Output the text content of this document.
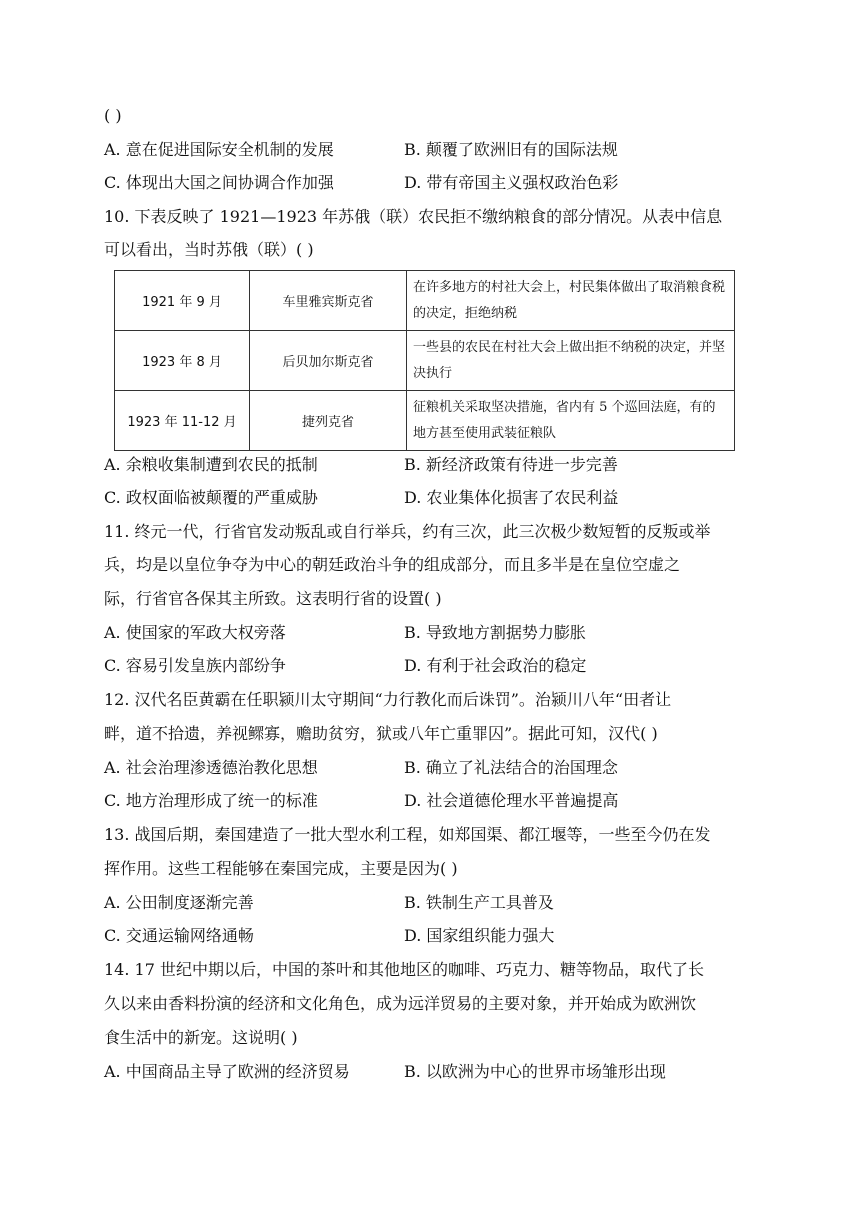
( )
A. 意在促进国际安全机制的发展	B. 颠覆了欧洲旧有的国际法规
C. 体现出大国之间协调合作加强	D. 带有帝国主义强权政治色彩
10. 下表反映了 1921—1923 年苏俄（联）农民拒不缴纳粮食的部分情况。从表中信息
可以看出，当时苏俄（联）( )
1921 年 9 月	车里雅宾斯克省	在许多地方的村社大会上，村民集体做出了取消粮食税的决定，拒绝纳税
1923 年 8 月	后贝加尔斯克省	一些县的农民在村社大会上做出拒不纳税的决定，并坚决执行
1923 年 11-12 月	捷列克省	征粮机关采取坚决措施，省内有 5 个巡回法庭，有的地方甚至使用武装征粮队
A. 余粮收集制遭到农民的抵制	B. 新经济政策有待进一步完善
C. 政权面临被颠覆的严重威胁	D. 农业集体化损害了农民利益
11. 终元一代，行省官发动叛乱或自行举兵，约有三次，此三次极少数短暂的反叛或举
兵，均是以皇位争夺为中心的朝廷政治斗争的组成部分，而且多半是在皇位空虚之
际，行省官各保其主所致。这表明行省的设置( )
A. 使国家的军政大权旁落	B. 导致地方割据势力膨胀
C. 容易引发皇族内部纷争	D. 有利于社会政治的稳定
12. 汉代名臣黄霸在任职颍川太守期间“力行教化而后诛罚”。治颍川八年“田者让
畔，道不拾遗，养视鳏寡，赡助贫穷，狱或八年亡重罪囚”。据此可知，汉代( )
A. 社会治理渗透德治教化思想	B. 确立了礼法结合的治国理念
C. 地方治理形成了统一的标准	D. 社会道德伦理水平普遍提高
13. 战国后期，秦国建造了一批大型水利工程，如郑国渠、都江堰等，一些至今仍在发
挥作用。这些工程能够在秦国完成，主要是因为( )
A. 公田制度逐渐完善	B. 铁制生产工具普及
C. 交通运输网络通畅	D. 国家组织能力强大
14. 17 世纪中期以后，中国的茶叶和其他地区的咖啡、巧克力、糖等物品，取代了长
久以来由香料扮演的经济和文化角色，成为远洋贸易的主要对象，并开始成为欧洲饮
食生活中的新宠。这说明( )
A. 中国商品主导了欧洲的经济贸易	B. 以欧洲为中心的世界市场雏形出现
